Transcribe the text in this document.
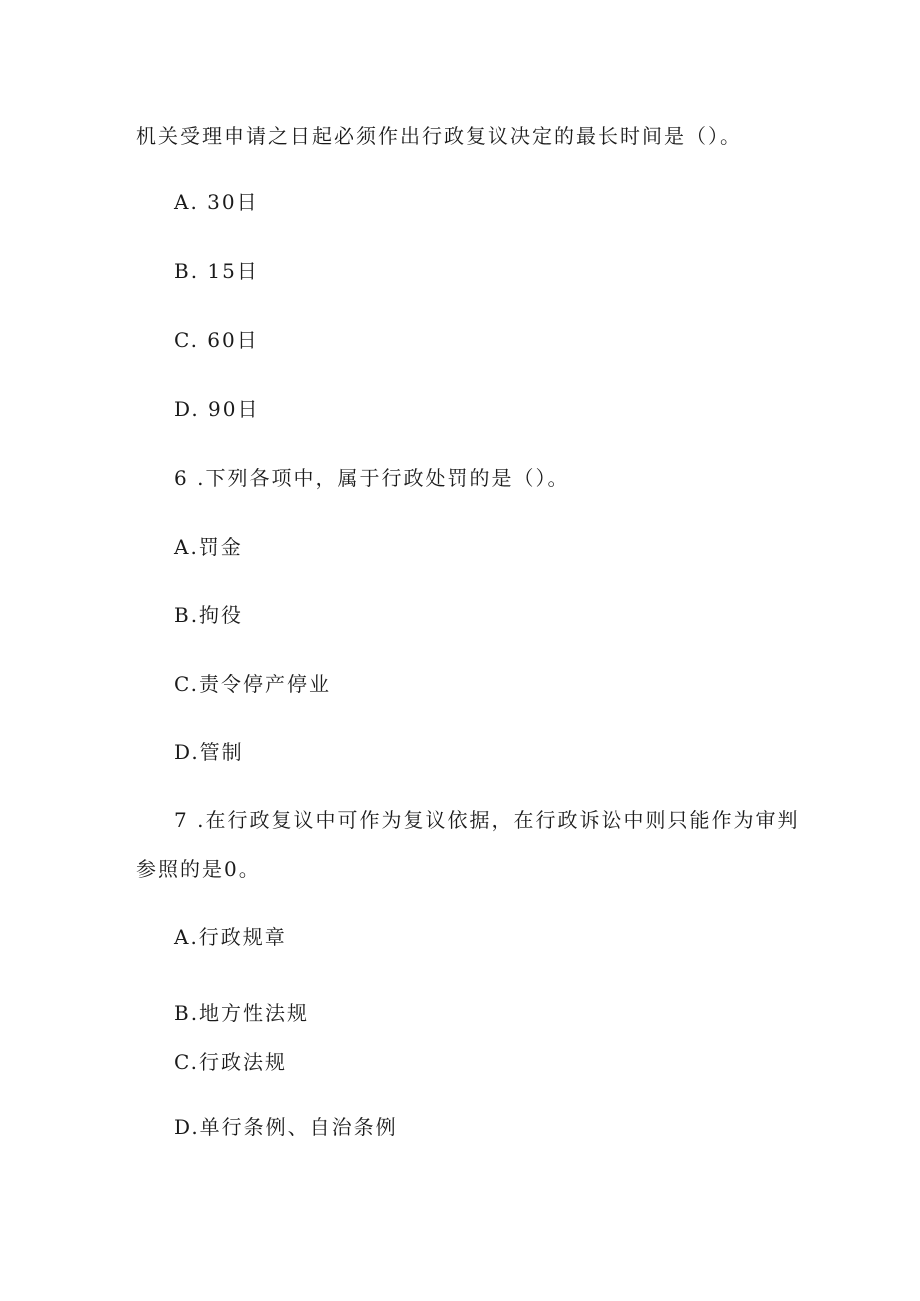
机关受理申请之日起必须作出行政复议决定的最长时间是（）。
A. 30日
B. 15日
C. 60日
D. 90日
6 .下列各项中，属于行政处罚的是（）。
A.罚金
B.拘役
C.责令停产停业
D.管制
7 .在行政复议中可作为复议依据，在行政诉讼中则只能作为审判
参照的是0。
A.行政规章
B.地方性法规
C.行政法规
D.单行条例、自治条例
